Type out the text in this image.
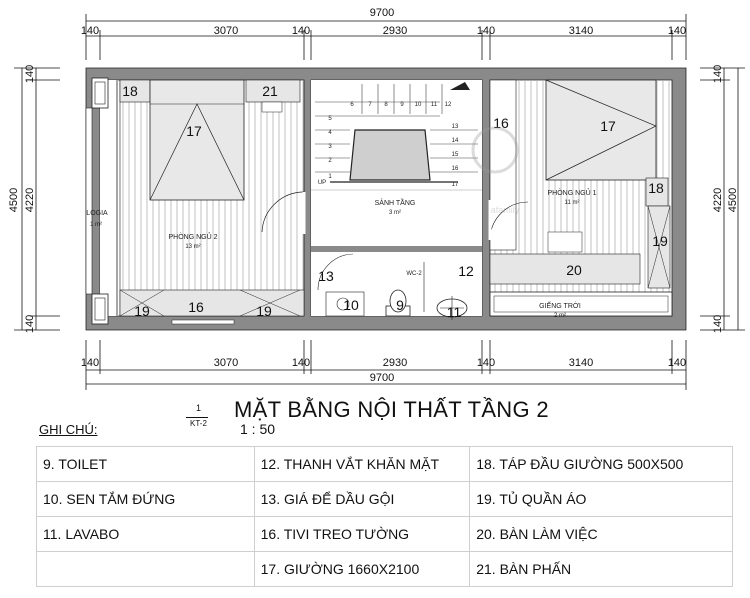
9700
140	3070	140	2930	140	3140	140
140	3070	140	2930	140	3140	140
9700
4500 4220
140
140
4220 4500
140
140
LOGIA
1 m²
17
18	21
PHÒNG NGỦ 2
13 m²
19	16	19
1
2
3
4
5
6 7 8 9 10 11 12
13
14
15
16
17
UP
SẢNH TẦNG
3 m²
WC-2
13
10	9	11
12
16	17
PHÒNG NGỦ 1
11 m²
18
19
20
GIẾNG TRỜI
2 m²
afamily
1
KT-2
MẶT BẰNG NỘI THẤT TẦNG 2
1 : 50
GHI CHÚ:
9. TOILET	12. THANH VẮT KHĂN MẶT	18. TÁP ĐẦU GIƯỜNG 500X500
10. SEN TẮM ĐỨNG	13. GIÁ ĐỂ DẦU GỘI	19. TỦ QUẦN ÁO
11. LAVABO	16. TIVI TREO TƯỜNG	20. BÀN LÀM VIỆC
	17. GIƯỜNG 1660X2100	21. BÀN PHẤN
